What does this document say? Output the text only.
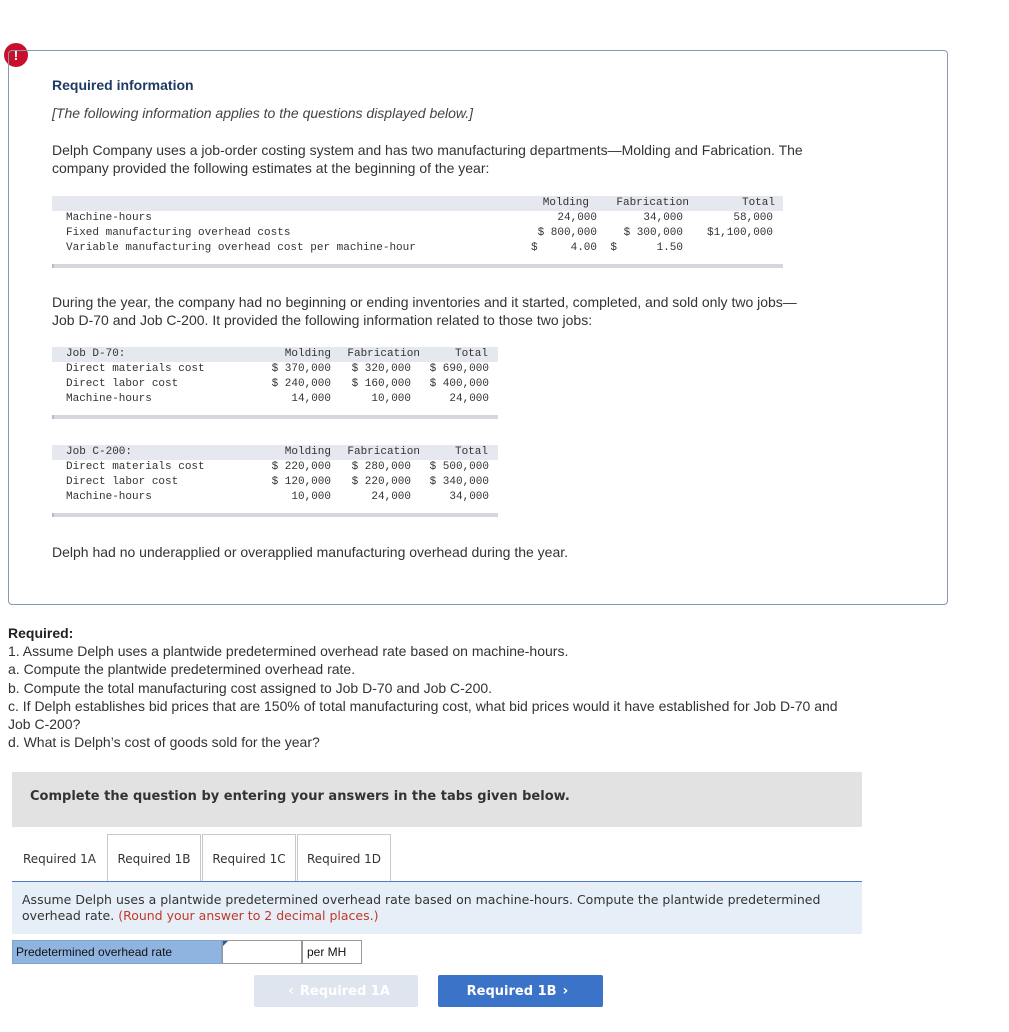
!
Required information
[The following information applies to the questions displayed below.]
Delph Company uses a job-order costing system and has two manufacturing departments—Molding and Fabrication. The
company provided the following estimates at the beginning of the year:
Molding	Fabrication	Total
Machine-hours	24,000	34,000	58,000
Fixed manufacturing overhead costs	$ 800,000	$ 300,000	$1,100,000
Variable manufacturing overhead cost per machine-hour	$     4.00	$      1.50
During the year, the company had no beginning or ending inventories and it started, completed, and sold only two jobs—
Job D-70 and Job C-200. It provided the following information related to those two jobs:
Job D-70:	Molding	Fabrication	Total
Direct materials cost	$ 370,000	$ 320,000	$ 690,000
Direct labor cost	$ 240,000	$ 160,000	$ 400,000
Machine-hours	14,000	10,000	24,000
Job C-200:	Molding	Fabrication	Total
Direct materials cost	$ 220,000	$ 280,000	$ 500,000
Direct labor cost	$ 120,000	$ 220,000	$ 340,000
Machine-hours	10,000	24,000	34,000
Delph had no underapplied or overapplied manufacturing overhead during the year.
Required:
1. Assume Delph uses a plantwide predetermined overhead rate based on machine-hours.
a. Compute the plantwide predetermined overhead rate.
b. Compute the total manufacturing cost assigned to Job D-70 and Job C-200.
c. If Delph establishes bid prices that are 150% of total manufacturing cost, what bid prices would it have established for Job D-70 and
Job C-200?
d. What is Delph’s cost of goods sold for the year?
Complete the question by entering your answers in the tabs given below.
Required 1A	Required 1B	Required 1C	Required 1D
Assume Delph uses a plantwide predetermined overhead rate based on machine-hours. Compute the plantwide predetermined overhead rate. (Round your answer to 2 decimal places.)
Predetermined overhead rate	per MH
‹ Required 1A	Required 1B ›
